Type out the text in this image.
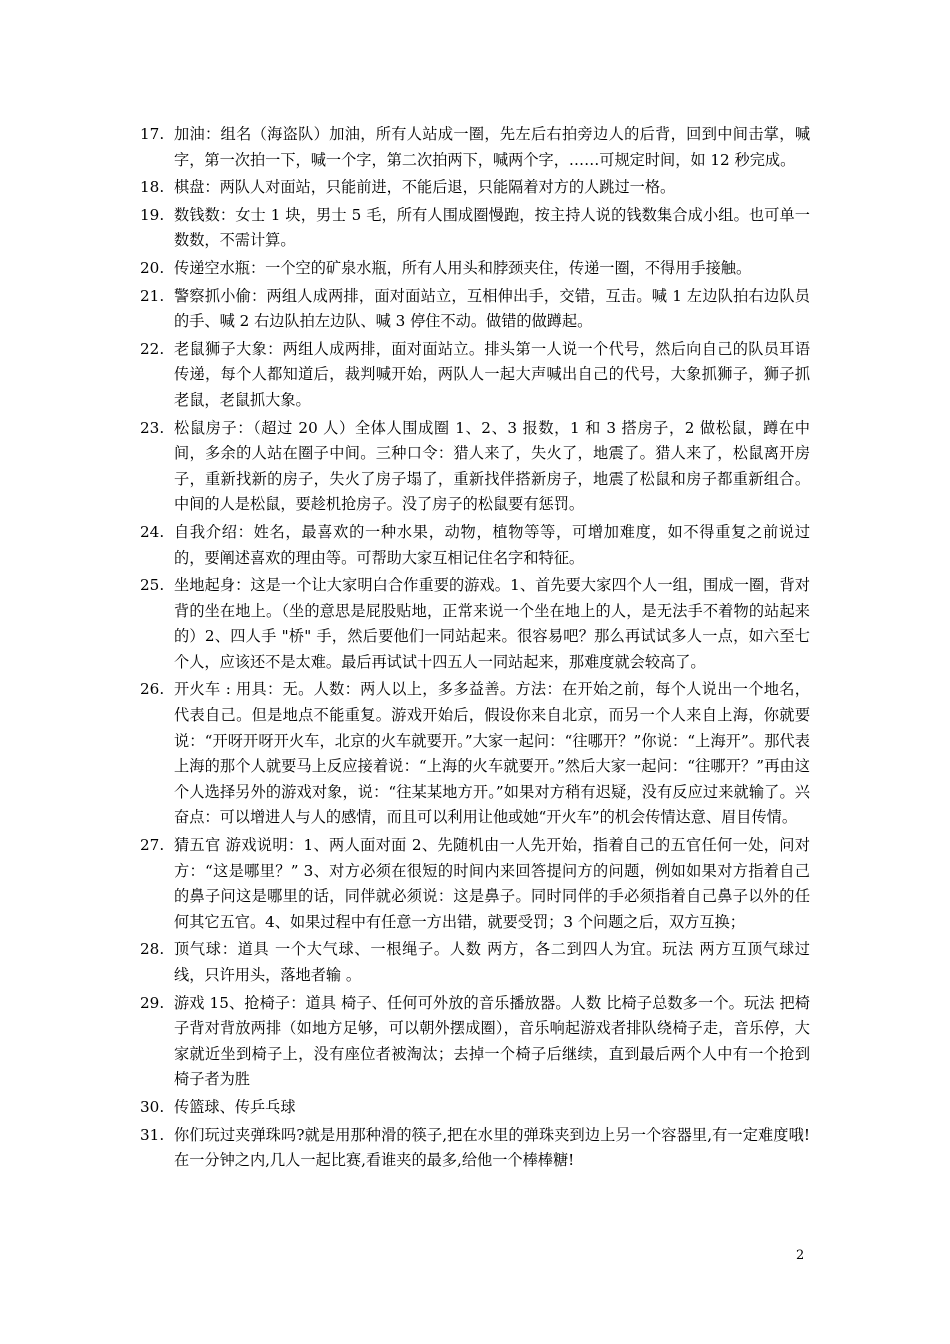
17. 加油：组名（海盗队）加油，所有人站成一圈，先左后右拍旁边人的后背，回到中间击掌，喊字，第一次拍一下，喊一个字，第二次拍两下，喊两个字，……可规定时间，如 12 秒完成。
18. 棋盘：两队人对面站，只能前进，不能后退，只能隔着对方的人跳过一格。
19. 数钱数：女士 1 块，男士 5 毛，所有人围成圈慢跑，按主持人说的钱数集合成小组。也可单一数数，不需计算。
20. 传递空水瓶：一个空的矿泉水瓶，所有人用头和脖颈夹住，传递一圈，不得用手接触。
21. 警察抓小偷：两组人成两排，面对面站立，互相伸出手，交错，互击。喊 1 左边队拍右边队员的手、喊 2 右边队拍左边队、喊 3 停住不动。做错的做蹲起。
22. 老鼠狮子大象：两组人成两排，面对面站立。排头第一人说一个代号，然后向自己的队员耳语传递，每个人都知道后，裁判喊开始，两队人一起大声喊出自己的代号，大象抓狮子，狮子抓老鼠，老鼠抓大象。
23. 松鼠房子：（超过 20 人）全体人围成圈 1、2、3 报数，1 和 3 搭房子，2 做松鼠，蹲在中间，多余的人站在圈子中间。三种口令：猎人来了，失火了，地震了。猎人来了，松鼠离开房子，重新找新的房子，失火了房子塌了，重新找伴搭新房子，地震了松鼠和房子都重新组合。中间的人是松鼠，要趁机抢房子。没了房子的松鼠要有惩罚。
24. 自我介绍：姓名，最喜欢的一种水果，动物，植物等等，可增加难度，如不得重复之前说过的，要阐述喜欢的理由等。可帮助大家互相记住名字和特征。
25. 坐地起身：这是一个让大家明白合作重要的游戏。1、首先要大家四个人一组，围成一圈，背对背的坐在地上。（坐的意思是屁股贴地，正常来说一个坐在地上的人，是无法手不着物的站起来的）2、四人手 "桥" 手，然后要他们一同站起来。很容易吧？那么再试试多人一点，如六至七个人，应该还不是太难。最后再试试十四五人一同站起来，那难度就会较高了。
26. 开火车 : 用具：无。人数：两人以上，多多益善。方法：在开始之前，每个人说出一个地名，代表自己。但是地点不能重复。游戏开始后，假设你来自北京，而另一个人来自上海，你就要说：“开呀开呀开火车，北京的火车就要开。”大家一起问：“往哪开？”你说：“上海开”。那代表上海的那个人就要马上反应接着说：“上海的火车就要开。”然后大家一起问：“往哪开？”再由这个人选择另外的游戏对象，说：“往某某地方开。”如果对方稍有迟疑，没有反应过来就输了。兴奋点：可以增进人与人的感情，而且可以利用让他或她“开火车”的机会传情达意、眉目传情。
27. 猜五官 游戏说明：1、两人面对面 2、先随机由一人先开始，指着自己的五官任何一处，问对方：“这是哪里？” 3、对方必须在很短的时间内来回答提问方的问题，例如如果对方指着自己的鼻子问这是哪里的话，同伴就必须说：这是鼻子。同时同伴的手必须指着自己鼻子以外的任何其它五官。4、如果过程中有任意一方出错，就要受罚；3 个问题之后，双方互换；
28. 顶气球：道具 一个大气球、一根绳子。人数 两方，各二到四人为宜。玩法 两方互顶气球过线，只许用头，落地者输 。
29. 游戏 15、抢椅子：道具 椅子、任何可外放的音乐播放器。人数 比椅子总数多一个。玩法 把椅子背对背放两排（如地方足够，可以朝外摆成圈），音乐响起游戏者排队绕椅子走，音乐停，大家就近坐到椅子上，没有座位者被淘汰；去掉一个椅子后继续，直到最后两个人中有一个抢到椅子者为胜
30. 传篮球、传乒乓球
31. 你们玩过夹弹珠吗?就是用那种滑的筷子,把在水里的弹珠夹到边上另一个容器里,有一定难度哦!在一分钟之内,几人一起比赛,看谁夹的最多,给他一个棒棒糖!
2
